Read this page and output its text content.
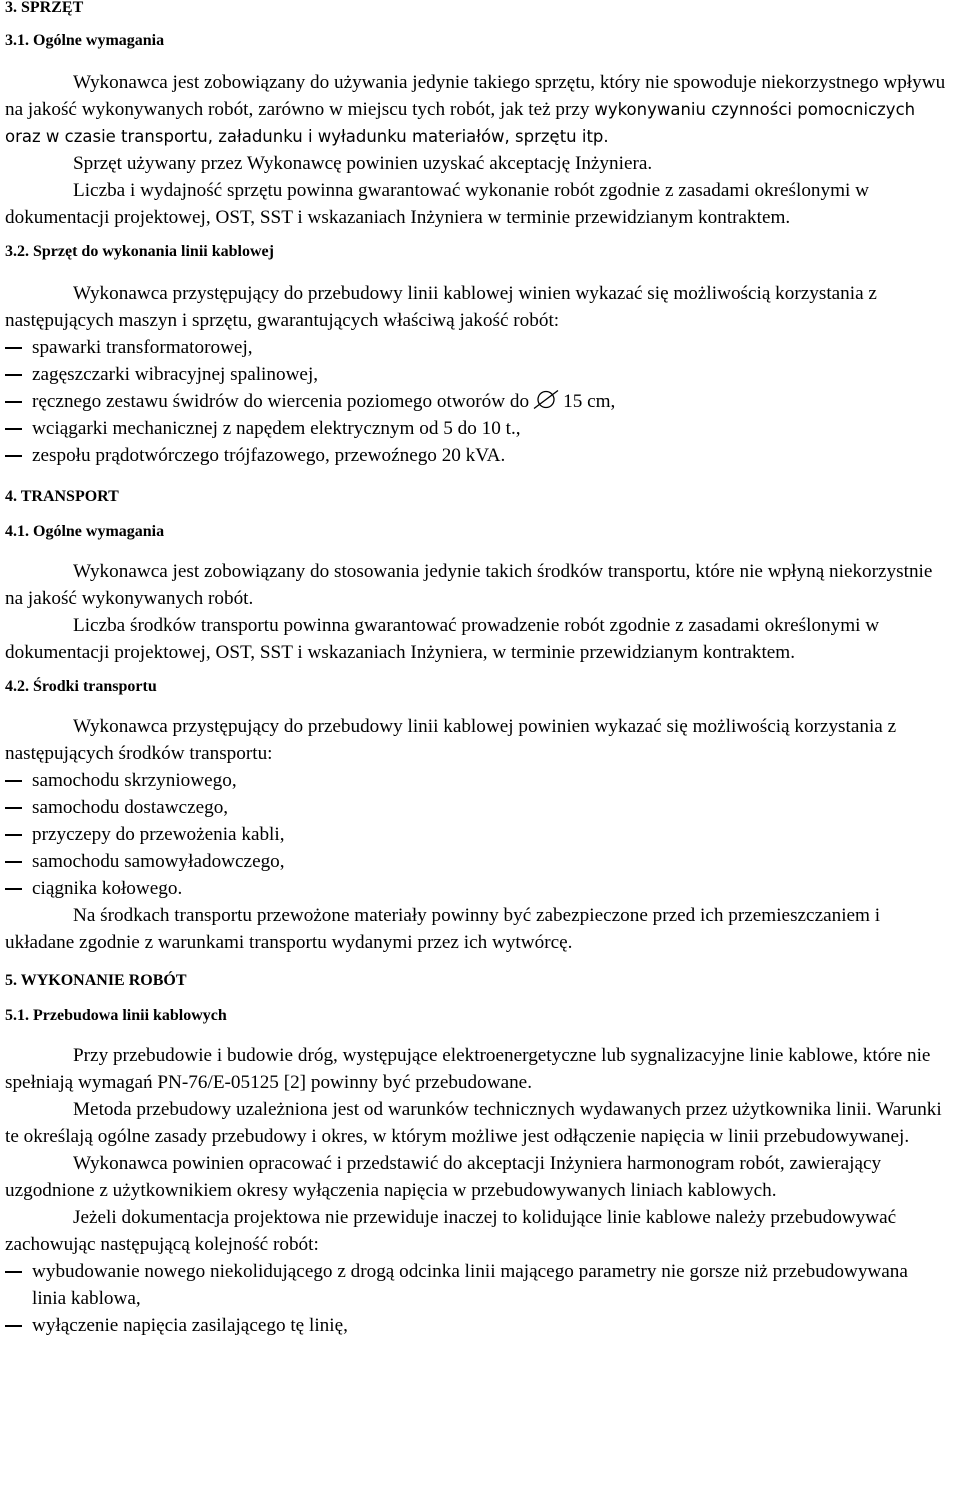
3. SPRZĘT
3.1. Ogólne wymagania

Wykonawca jest zobowiązany do używania jedynie takiego sprzętu, który nie spowoduje niekorzystnego wpływu na jakość wykonywanych robót, zarówno w miejscu tych robót, jak też przy wykonywaniu czynności pomocniczych oraz w czasie transportu, załadunku i wyładunku materiałów, sprzętu itp.

Sprzęt używany przez Wykonawcę powinien uzyskać akceptację Inżyniera.

Liczba i wydajność sprzętu powinna gwarantować wykonanie robót zgodnie z zasadami określonymi w dokumentacji projektowej, OST, SST i wskazaniach Inżyniera w terminie przewidzianym kontraktem.

3.2. Sprzęt do wykonania linii kablowej

Wykonawca przystępujący do przebudowy linii kablowej winien wykazać się możliwością korzystania z następujących maszyn i sprzętu, gwarantujących właściwą jakość robót:

spawarki transformatorowej,
zagęszczarki wibracyjnej spalinowej,
ręcznego zestawu świdrów do wiercenia poziomego otworów do 15 cm,
wciągarki mechanicznej z napędem elektrycznym od 5 do 10 t.,
zespołu prądotwórczego trójfazowego, przewoźnego 20 kVA.
4. TRANSPORT
4.1. Ogólne wymagania

Wykonawca jest zobowiązany do stosowania jedynie takich środków transportu, które nie wpłyną niekorzystnie na jakość wykonywanych robót.

Liczba środków transportu powinna gwarantować prowadzenie robót zgodnie z zasadami określonymi w dokumentacji projektowej, OST, SST i wskazaniach Inżyniera, w terminie przewidzianym kontraktem.

4.2. Środki transportu

Wykonawca przystępujący do przebudowy linii kablowej powinien wykazać się możliwością korzystania z następujących środków transportu:

samochodu skrzyniowego,
samochodu dostawczego,
przyczepy do przewożenia kabli,
samochodu samowyładowczego,
ciągnika kołowego.

Na środkach transportu przewożone materiały powinny być zabezpieczone przed ich przemieszczaniem i układane zgodnie z warunkami transportu wydanymi przez ich wytwórcę.

5. WYKONANIE ROBÓT
5.1. Przebudowa linii kablowych

Przy przebudowie i budowie dróg, występujące elektroenergetyczne lub sygnalizacyjne linie kablowe, które nie spełniają wymagań PN-76/E-05125 [2] powinny być przebudowane.

Metoda przebudowy uzależniona jest od warunków technicznych wydawanych przez użytkownika linii. Warunki te określają ogólne zasady przebudowy i okres, w którym możliwe jest odłączenie napięcia w linii przebudowywanej.

Wykonawca powinien opracować i przedstawić do akceptacji Inżyniera harmonogram robót, zawierający uzgodnione z użytkownikiem okresy wyłączenia napięcia w przebudowywanych liniach kablowych.

Jeżeli dokumentacja projektowa nie przewiduje inaczej to kolidujące linie kablowe należy przebudowywać zachowując następującą kolejność robót:

wybudowanie nowego niekolidującego z drogą odcinka linii mającego parametry nie gorsze niż przebudowywana linia kablowa,
wyłączenie napięcia zasilającego tę linię,
